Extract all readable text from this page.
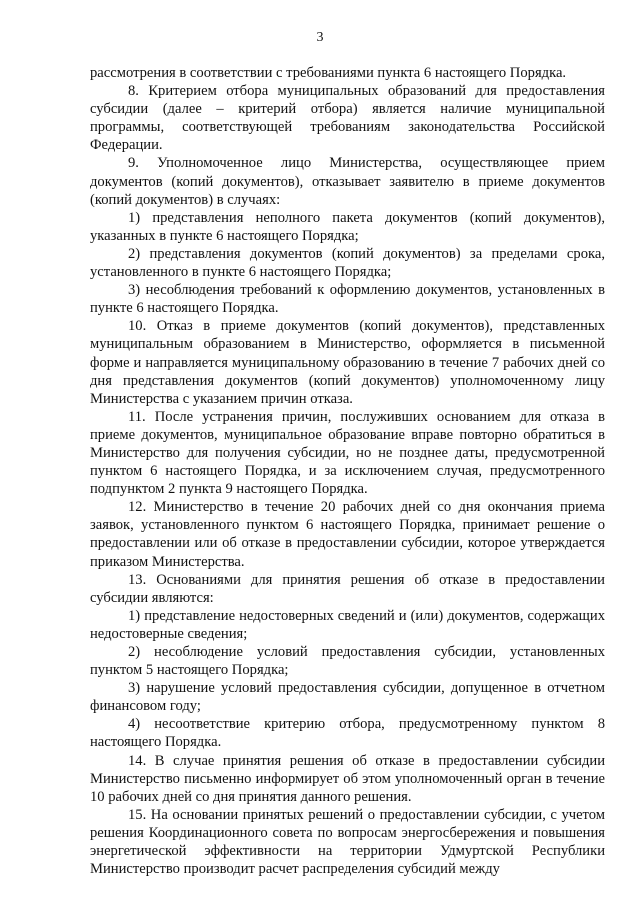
3

рассмотрения в соответствии с требованиями пункта 6 настоящего Порядка.

8. Критерием отбора муниципальных образований для предоставления субсидии (далее – критерий отбора) является наличие муниципальной программы, соответствующей требованиям законодательства Российской Федерации.

9. Уполномоченное лицо Министерства, осуществляющее прием документов (копий документов), отказывает заявителю в приеме документов (копий документов) в случаях:

1) представления неполного пакета документов (копий документов), указанных в пункте 6 настоящего Порядка;

2) представления документов (копий документов) за пределами срока, установленного в пункте 6 настоящего Порядка;

3) несоблюдения требований к оформлению документов, установленных в пункте 6 настоящего Порядка.

10. Отказ в приеме документов (копий документов), представленных муниципальным образованием в Министерство, оформляется в письменной форме и направляется муниципальному образованию в течение 7 рабочих дней со дня представления документов (копий документов) уполномоченному лицу Министерства с указанием причин отказа.

11. После устранения причин, послуживших основанием для отказа в приеме документов, муниципальное образование вправе повторно обратиться в Министерство для получения субсидии, но не позднее даты, предусмотренной пунктом 6 настоящего Порядка, и за исключением случая, предусмотренного подпунктом 2 пункта 9 настоящего Порядка.

12. Министерство в течение 20 рабочих дней со дня окончания приема заявок, установленного пунктом 6 настоящего Порядка, принимает решение о предоставлении или об отказе в предоставлении субсидии, которое утверждается приказом Министерства.

13. Основаниями для принятия решения об отказе в предоставлении субсидии являются:

1) представление недостоверных сведений и (или) документов, содержащих недостоверные сведения;

2) несоблюдение условий предоставления субсидии, установленных пунктом 5 настоящего Порядка;

3) нарушение условий предоставления субсидии, допущенное в отчетном финансовом году;

4) несоответствие критерию отбора, предусмотренному пунктом 8 настоящего Порядка.

14. В случае принятия решения об отказе в предоставлении субсидии Министерство письменно информирует об этом уполномоченный орган в течение 10 рабочих дней со дня принятия данного решения.

15. На основании принятых решений о предоставлении субсидии, с учетом решения Координационного совета по вопросам энергосбережения и повышения энергетической эффективности на территории Удмуртской Республики Министерство производит расчет распределения субсидий между
